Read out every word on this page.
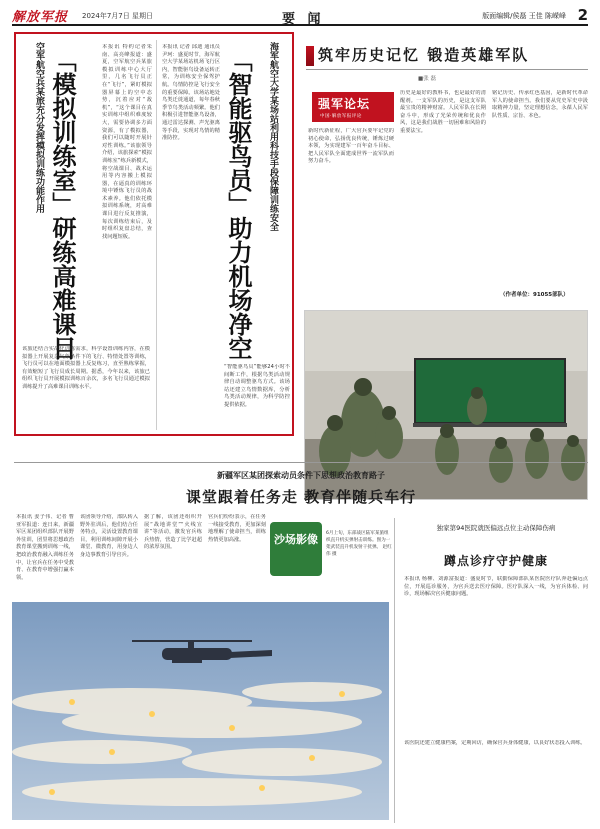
解放军报 2024年7月7日 星期日	要 闻	版面编辑/侯磊 王佳 陈嵘峰 2
空军航空兵某旅充分发挥模拟训练功能作用 「模拟训练室」研练高难课目
本报讯 特约记者朱南、高亮峰报道：盛夏，空军航空兵某旅模拟训练中心大厅里，几名飞行员正在“飞行”，紧盯模拟器屏幕上的空中态势，沉着应对“敌机”，“这个课目在真实训练中组织难度较大，需要协调多方面资源，有了模拟器，我们可以随时开展针对性训练。”该旅领导介绍，该旅探索“模拟训练室”练兵新模式，将空战课目、战术运用等内容搬上模拟器，在逼真的训练环境中锤炼飞行员的战术素养。他们依托模拟训练系统，对高难课目进行反复推演，每次训练结束后，及时组织复盘总结，查找问题短板。
该旅还结合实战化训练需求，科学设置训练内容，在模拟器上开展复杂气象条件下的飞行、特情处置等训练，飞行员可以在地面模拟器上反复练习，直至熟练掌握，有效缩短了飞行员成长周期。据悉，今年以来，该旅已组织飞行员开展模拟训练百余次，多名飞行员通过模拟训练提升了高难课目训练水平。
本报讯 记者 邱迪 通讯员 尹珂：盛夏时节，海军航空大学某场站机场飞行区内，智能驱鸟设备运转正常，为训练安全保驾护航。鸟情防控是飞行安全的重要保障。该场站地处鸟类迁徙通道，每年春秋季节鸟类活动频繁。他们积极引进智能驱鸟设备，通过雷达探测、声光驱离等手段，实现对鸟情的精准防控。	海军航空大学某场站利用科技手段保障训练安全
「智能驱鸟员」助力机场净空
“智能驱鸟员”能够24小时不间断工作，根据鸟类活动规律自动调整驱鸟方式。该场站还建立鸟情数据库，分析鸟类活动规律，为科学防控提供依据。
筑牢历史记忆 锻造英雄军队
■张 磊
强军论坛
中国·解放军报评论
历史是最好的教科书，也是最好的清醒剂。一支军队的历史，是这支军队最宝贵的精神财富。人民军队在长期奋斗中，形成了光荣传统和优良作风，这是我们战胜一切困难和风险的重要法宝。
铭记历史、传承红色基因，是新时代革命军人的使命担当。我们要从党史军史中汲取精神力量，坚定理想信念，永葆人民军队性质、宗旨、本色。
新时代新征程，广大官兵要牢记党的初心使命，弘扬优良传统，锤炼过硬本领，为实现建军一百年奋斗目标、把人民军队全面建成世界一流军队而努力奋斗。
（作者单位：91055部队）
新疆军区某团探索动员条件下思想政治教育路子
课堂跟着任务走 教育伴随兵车行
本报讯 姜子伟、记者 曹亚军报道：连日来，新疆军区某团组织部队开展野外驻训，团里将思想政治教育课堂搬到训练一线，把政治教育融入训练任务中，让官兵在任务中受教育、在教育中增强打赢本领。
该团领导介绍，部队转入野外驻训后，他们结合任务特点，灵活设置教育课目，利用训练间隙开展小课堂、微教育，用身边人身边事教育引导官兵。
据了解，该团还组织开展“战地讲堂”“火线宣讲”等活动，激发官兵练兵热情，营造了比学赶超的浓厚氛围。
官兵们纷纷表示，在任务一线接受教育，更加深刻地理解了使命担当，训练热情更加高涨。	沙场影像 6月上旬，东部战区陆军某旅组织直升机实弹射击训练。图为一架武装直升机发射干扰弹。 赵红伟 摄
独家第94医院就医偏远点位主动保障伤病
蹲点诊疗守护健康
本报讯 杨柳、刘源富报道：盛夏时节，联勤保障部队某医院医疗队奔赴偏远点位，开展巡诊服务，为官兵送去医疗保障。医疗队深入一线，为官兵体检、问诊，现场解决官兵健康问题。
该医院还建立健康档案，定期回访，确保官兵身体健康，以良好状态投入训练。
